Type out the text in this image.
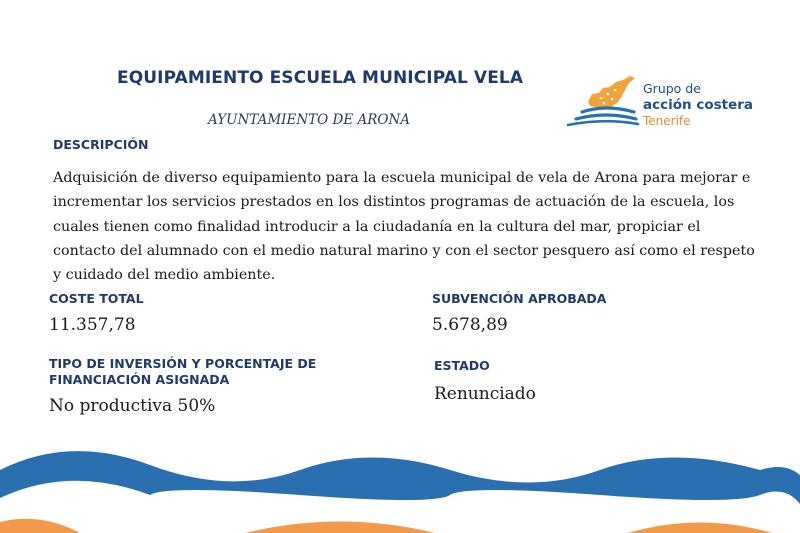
EQUIPAMIENTO ESCUELA MUNICIPAL VELA
AYUNTAMIENTO DE ARONA
Grupo de
acción costera
Tenerife
DESCRIPCIÓN
Adquisición de diverso equipamiento para la escuela municipal de vela de Arona para mejorar e incrementar los servicios prestados en los distintos programas de actuación de la escuela, los cuales tienen como finalidad introducir a la ciudadanía en la cultura del mar, propiciar el contacto del alumnado con el medio natural marino y con el sector pesquero así como el respeto y cuidado del medio ambiente.
COSTE TOTAL
11.357,78
SUBVENCIÓN APROBADA
5.678,89
TIPO DE INVERSIÓN Y PORCENTAJE DE FINANCIACIÓN ASIGNADA
No productiva 50%
ESTADO
Renunciado
